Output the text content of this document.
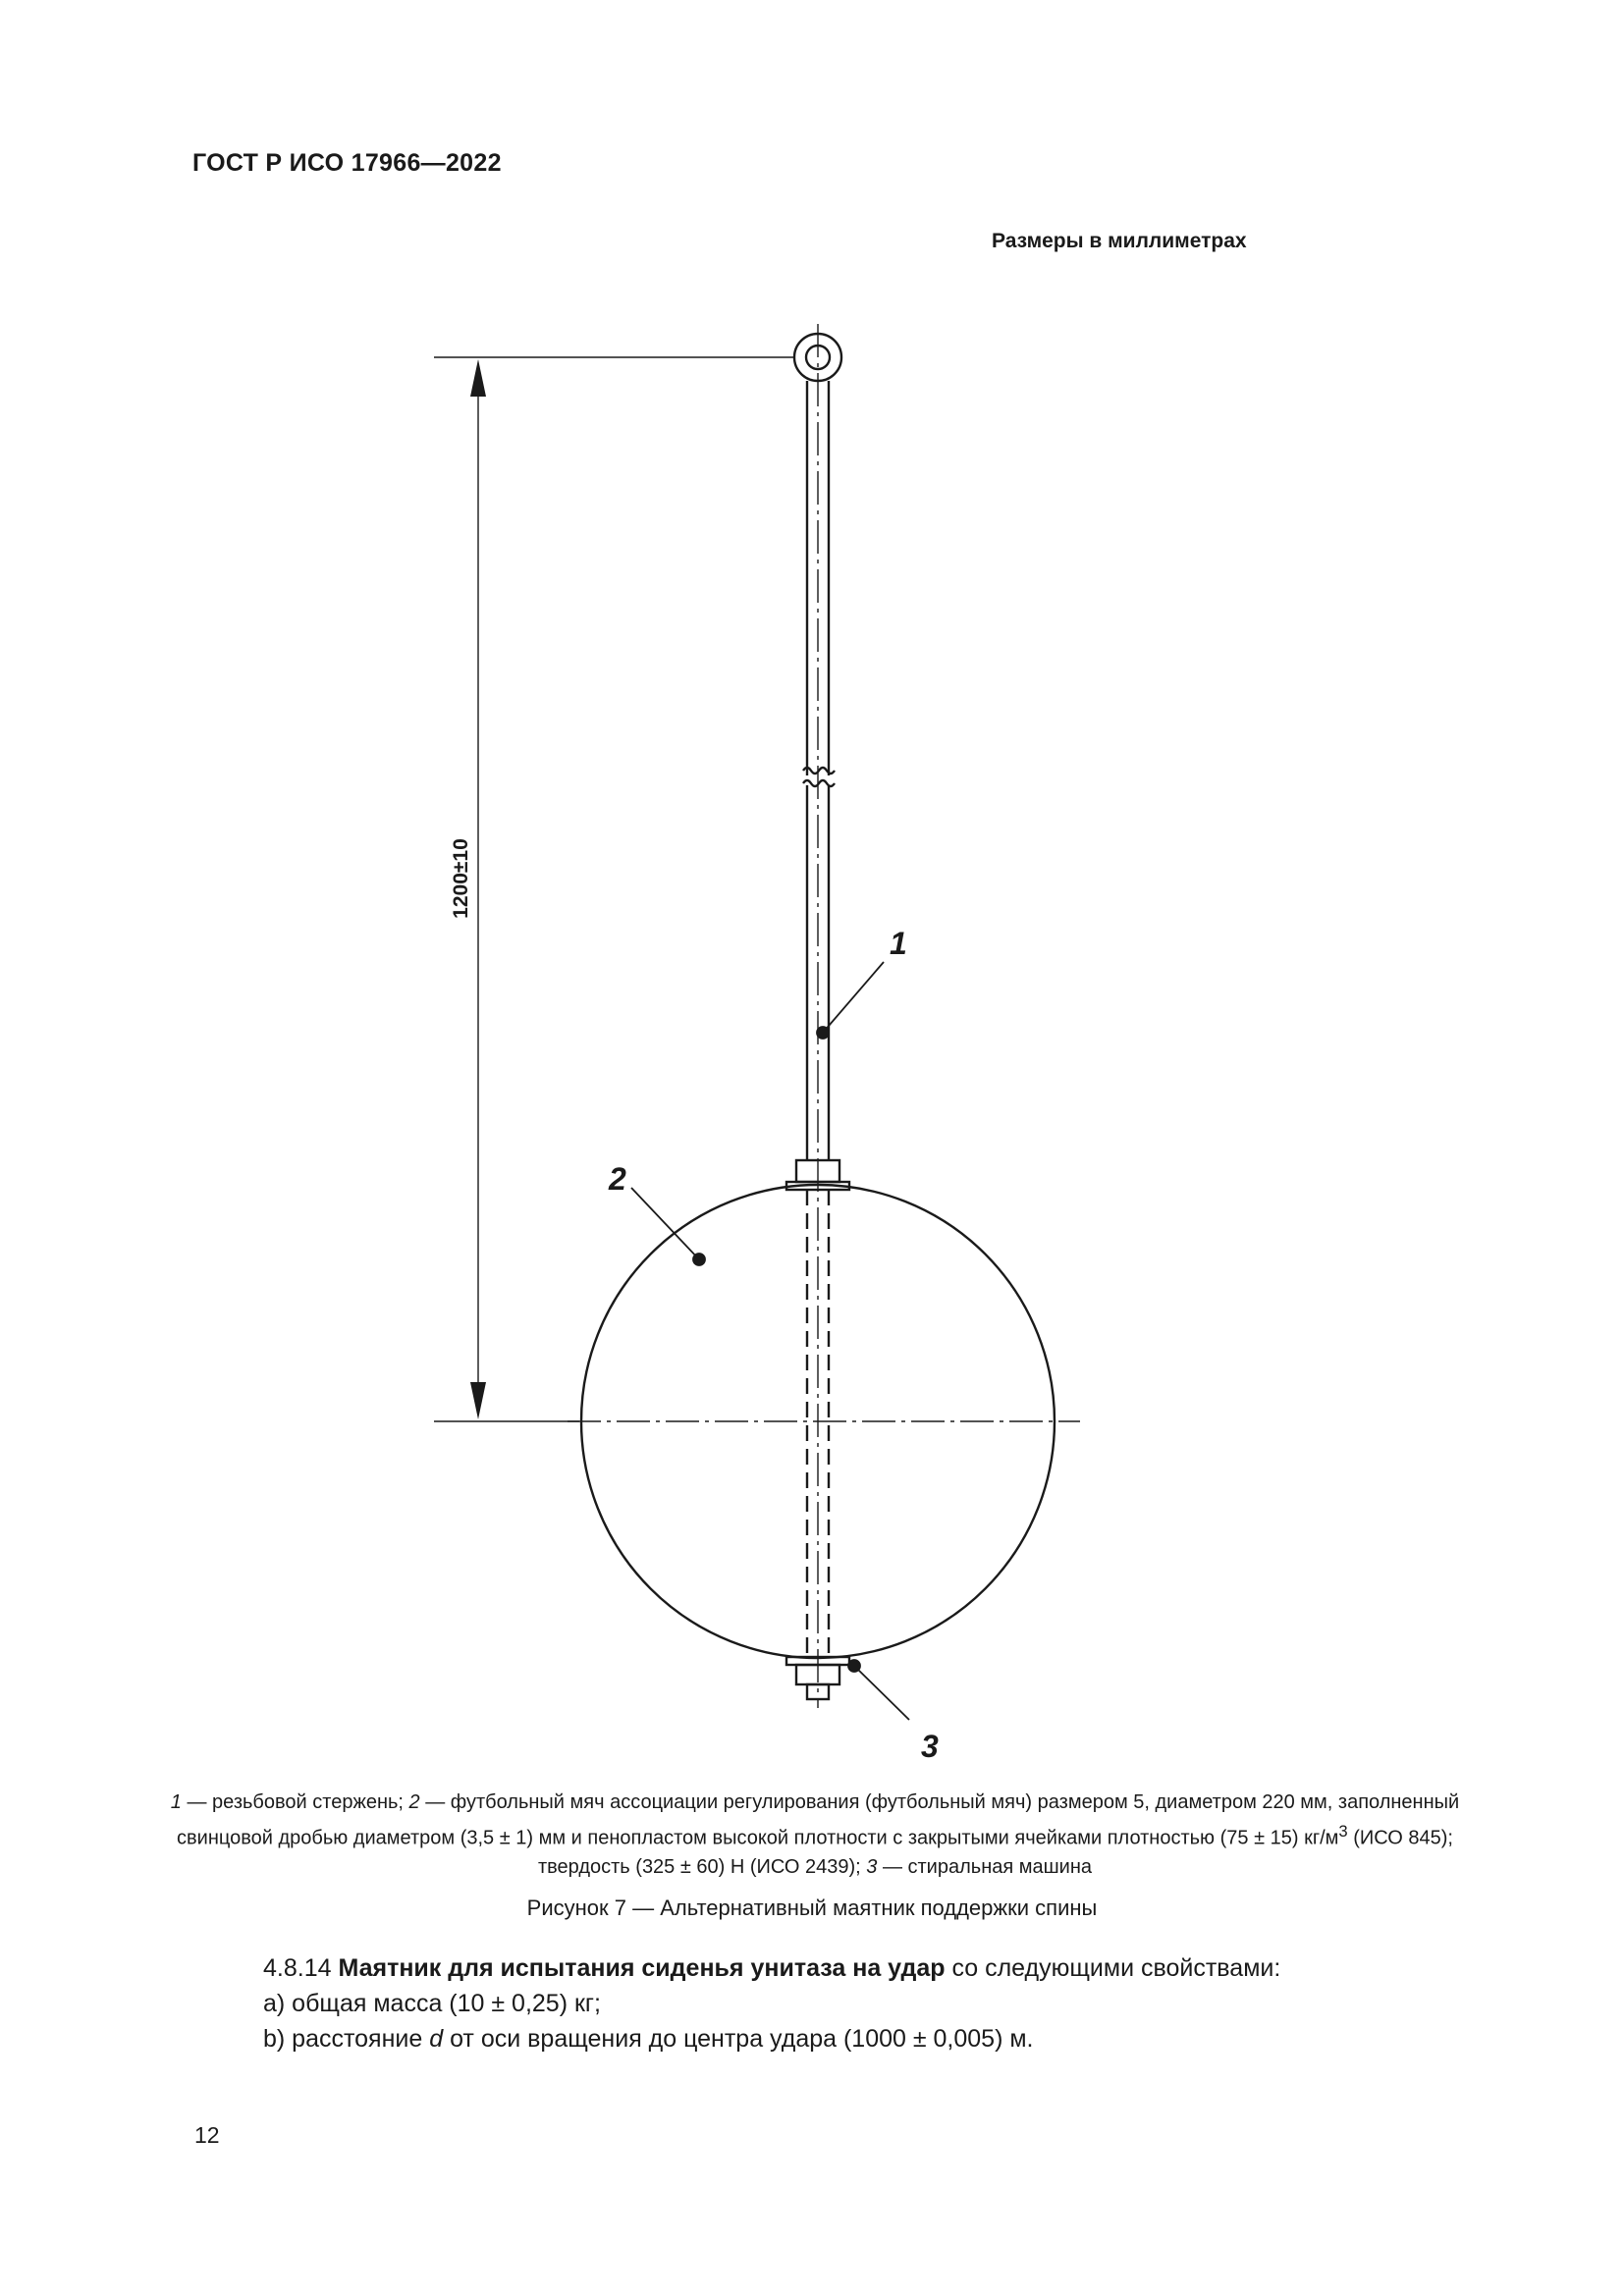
ГОСТ Р ИСО 17966—2022
Размеры в миллиметрах
1200±10
1
2
3
1 — резьбовой стержень; 2 — футбольный мяч ассоциации регулирования (футбольный мяч) размером 5, диаметром 220 мм, заполненный свинцовой дробью диаметром (3,5 ± 1) мм и пенопластом высокой плотности с закрытыми ячейками плотностью (75 ± 15) $кг/м^3$ (ИСО 845); твердость (325 ± 60) Н (ИСО 2439); 3 — стиральная машина
Рисунок 7 — Альтернативный маятник поддержки спины

4.8.14 Маятник для испытания сиденья унитаза на удар со следующими свойствами:

a) общая масса (10 ± 0,25) кг;

b) расстояние d от оси вращения до центра удара (1000 ± 0,005) м.

12
